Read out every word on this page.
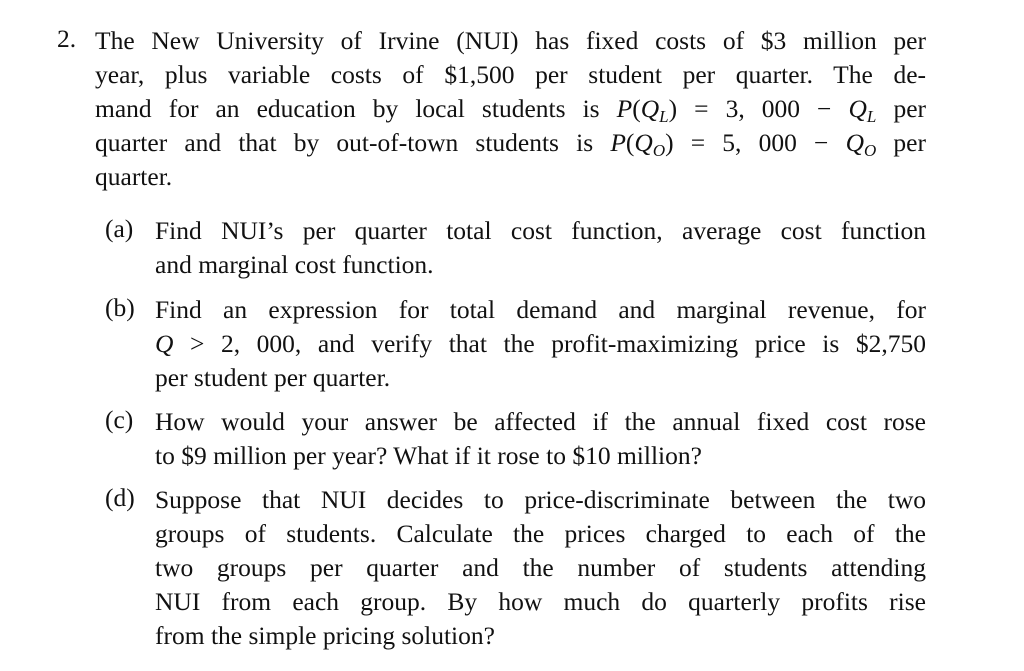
2. The New University of Irvine (NUI) has fixed costs of $3 million per
year, plus variable costs of $1,500 per student per quarter. The de-
mand for an education by local students is $P(Q_L) = 3$, $000 - Q_L$ per
quarter and that by out-of-town students is $P(Q_O) = 5$, $000 - Q_O$ per
quarter.
(a) Find NUI’s per quarter total cost function, average cost function
and marginal cost function.
(b) Find an expression for total demand and marginal revenue, for
Q > 2, 000, and verify that the profit-maximizing price is $2,750
per student per quarter.
(c) How would your answer be affected if the annual fixed cost rose
to $9 million per year? What if it rose to $10 million?
(d) Suppose that NUI decides to price-discriminate between the two
groups of students. Calculate the prices charged to each of the
two groups per quarter and the number of students attending
NUI from each group. By how much do quarterly profits rise
from the simple pricing solution?
